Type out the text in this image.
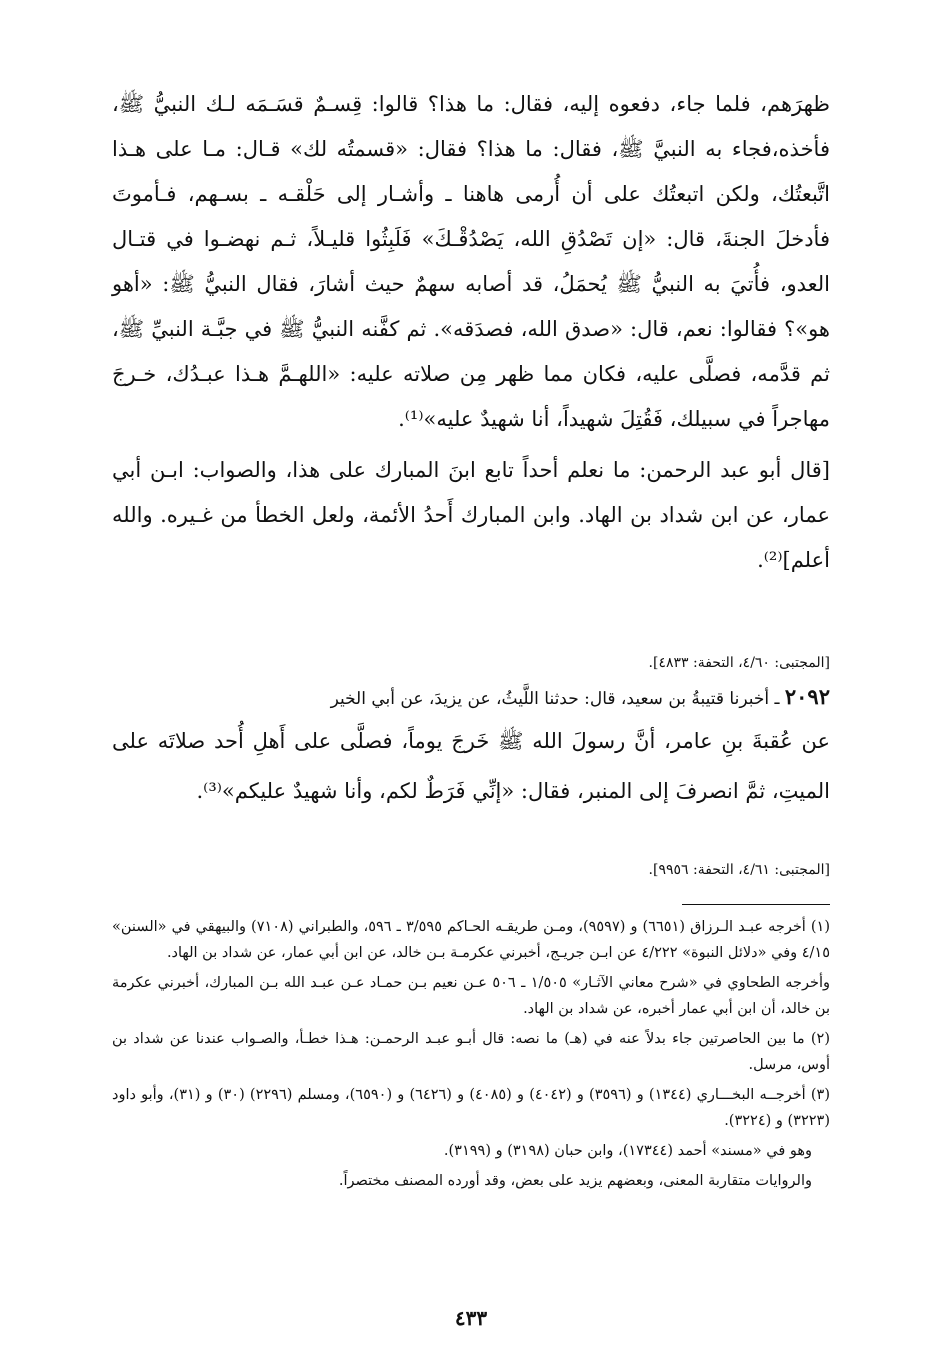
ظهرَهم، فلما جاء، دفعوه إليه، فقال: ما هذا؟ قالوا: قِسـمٌ قسَـمَه لـك النبيُّ ﷺ، فأخذه،فجاء به النبيَّ ﷺ، فقال: ما هذا؟ فقال: «قسمتُه لك» قـال: مـا على هـذا اتَّبعتُك، ولكن اتبعتُك على أن أُرمى هاهنا ـ وأشـار إلى حَلْقـه ـ بسـهم، فـأموتَ فأدخلَ الجنةَ، قال: «إن تَصْدُقِ الله، يَصْدُقْـكَ» فَلَبِثُوا قليـلاً، ثـم نهضـوا في قتـال العدو، فأُتيَ به النبيُّ ﷺ يُحمَلُ، قد أصابه سهمٌ حيث أشارَ، فقال النبيُّ ﷺ: «أهو هو»؟ فقالوا: نعم، قال: «صدق الله، فصدَقه». ثم كفَّنه النبيُّ ﷺ في جبَّـة النبيِّ ﷺ، ثم قدَّمه، فصلَّى عليه، فكان مما ظهر مِن صلاته عليه: «اللهـمَّ هـذا عبـدُك، خـرجَ مهاجراً في سبيلك، فَقُتِلَ شهيداً، أنا شهيدٌ عليه»⁽¹⁾.

[قال أبو عبد الرحمن: ما نعلم أحداً تابع ابنَ المبارك على هذا، والصواب: ابـن أبي عمار، عن ابن شداد بن الهاد. وابن المبارك أَحدُ الأئمة، ولعل الخطأ من غـيره. والله أعلم]⁽²⁾.

[المجتبى: ٤/٦٠، التحفة: ٤٨٣٣].
٢٠٩٢ ـ أخبرنا قتيبةُ بن سعيد، قال: حدثنا اللَّيثُ، عن يزيدَ، عن أبي الخير
عن عُقبةَ بنِ عامر، أنَّ رسولَ الله ﷺ خَرجَ يوماً، فصلَّى على أَهلِ أُحد صلاتَه على الميتِ، ثمَّ انصرفَ إلى المنبر، فقال: «إنِّي فَرَطٌ لكم، وأنا شهيدٌ عليكم»⁽³⁾.
[المجتبى: ٤/٦١، التحفة: ٩٩٥٦].

(١) أخرجه عبـد الـرزاق (٦٦٥١) و (٩٥٩٧)، ومـن طريقـه الحـاكم ٣/٥٩٥ ـ ٥٩٦، والطبراني (٧١٠٨) والبيهقي في «السنن» ٤/١٥ وفي «دلائل النبوة» ٤/٢٢٢ عن ابـن جريـج، أخبرني عكرمـة بـن خالد، عن ابن أبي عمار، عن شداد بن الهاد.

وأخرجه الطحاوي في «شرح معاني الآثـار» ١/٥٠٥ ـ ٥٠٦ عـن نعيم بـن حمـاد عـن عبـد الله بـن المبارك، أخبرني عكرمة بن خالد، أن ابن أبي عمار أخبره، عن شداد بن الهاد.

(٢) ما بين الحاصرتين جاء بدلاً عنه في (هـ) ما نصه: قال أبـو عبـد الرحمـن: هـذا خطـأ، والصـواب عندنا عن شداد بن أوس، مرسل.

(٣) أخرجــه البخـــاري (١٣٤٤) و (٣٥٩٦) و (٤٠٤٢) و (٤٠٨٥) و (٦٤٢٦) و (٦٥٩٠)، ومسلم (٢٢٩٦) (٣٠) و (٣١)، وأبو داود (٣٢٢٣) و (٣٢٢٤).

وهو في «مسند» أحمد (١٧٣٤٤)، وابن حبان (٣١٩٨) و (٣١٩٩).

والروايات متقاربة المعنى، وبعضهم يزيد على بعض، وقد أورده المصنف مختصراً.

٤٣٣
